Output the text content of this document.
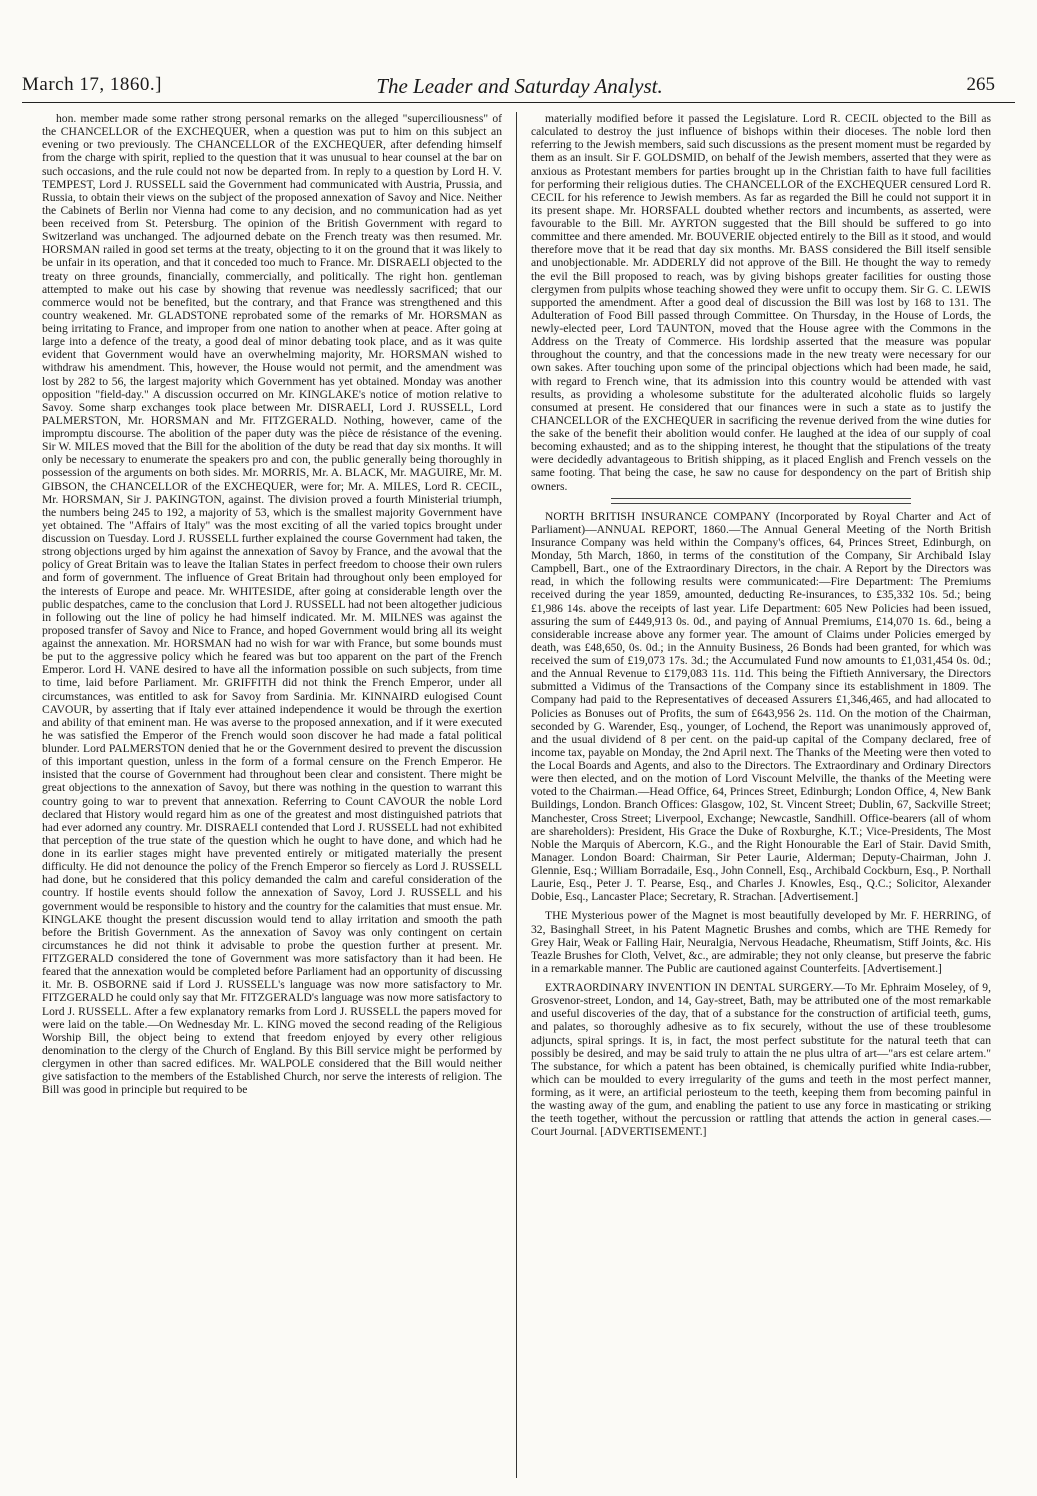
March 17, 1860.]	The Leader and Saturday Analyst.	265

hon. member made some rather strong personal remarks on the alleged "superciliousness" of the CHANCELLOR of the EXCHEQUER, when a question was put to him on this subject an evening or two previously. The CHANCELLOR of the EXCHEQUER, after defending himself from the charge with spirit, replied to the question that it was unusual to hear counsel at the bar on such occasions, and the rule could not now be departed from. In reply to a question by Lord H. V. TEMPEST, Lord J. RUSSELL said the Government had communicated with Austria, Prussia, and Russia, to obtain their views on the subject of the proposed annexation of Savoy and Nice. Neither the Cabinets of Berlin nor Vienna had come to any decision, and no communication had as yet been received from St. Petersburg. The opinion of the British Government with regard to Switzerland was unchanged. The adjourned debate on the French treaty was then resumed. Mr. HORSMAN railed in good set terms at the treaty, objecting to it on the ground that it was likely to be unfair in its operation, and that it conceded too much to France. Mr. DISRAELI objected to the treaty on three grounds, financially, commercially, and politically. The right hon. gentleman attempted to make out his case by showing that revenue was needlessly sacrificed; that our commerce would not be benefited, but the contrary, and that France was strengthened and this country weakened. Mr. GLADSTONE reprobated some of the remarks of Mr. HORSMAN as being irritating to France, and improper from one nation to another when at peace. After going at large into a defence of the treaty, a good deal of minor debating took place, and as it was quite evident that Government would have an overwhelming majority, Mr. HORSMAN wished to withdraw his amendment. This, however, the House would not permit, and the amendment was lost by 282 to 56, the largest majority which Government has yet obtained. Monday was another opposition "field-day." A discussion occurred on Mr. KINGLAKE's notice of motion relative to Savoy. Some sharp exchanges took place between Mr. DISRAELI, Lord J. RUSSELL, Lord PALMERSTON, Mr. HORSMAN and Mr. FITZGERALD. Nothing, however, came of the impromptu discourse. The abolition of the paper duty was the pièce de résistance of the evening. Sir W. MILES moved that the Bill for the abolition of the duty be read that day six months. It will only be necessary to enumerate the speakers pro and con, the public generally being thoroughly in possession of the arguments on both sides. Mr. MORRIS, Mr. A. BLACK, Mr. MAGUIRE, Mr. M. GIBSON, the CHANCELLOR of the EXCHEQUER, were for; Mr. A. MILES, Lord R. CECIL, Mr. HORSMAN, Sir J. PAKINGTON, against. The division proved a fourth Ministerial triumph, the numbers being 245 to 192, a majority of 53, which is the smallest majority Government have yet obtained. The "Affairs of Italy" was the most exciting of all the varied topics brought under discussion on Tuesday. Lord J. RUSSELL further explained the course Government had taken, the strong objections urged by him against the annexation of Savoy by France, and the avowal that the policy of Great Britain was to leave the Italian States in perfect freedom to choose their own rulers and form of government. The influence of Great Britain had throughout only been employed for the interests of Europe and peace. Mr. WHITESIDE, after going at considerable length over the public despatches, came to the conclusion that Lord J. RUSSELL had not been altogether judicious in following out the line of policy he had himself indicated. Mr. M. MILNES was against the proposed transfer of Savoy and Nice to France, and hoped Government would bring all its weight against the annexation. Mr. HORSMAN had no wish for war with France, but some bounds must be put to the aggressive policy which he feared was but too apparent on the part of the French Emperor. Lord H. VANE desired to have all the information possible on such subjects, from time to time, laid before Parliament. Mr. GRIFFITH did not think the French Emperor, under all circumstances, was entitled to ask for Savoy from Sardinia. Mr. KINNAIRD eulogised Count CAVOUR, by asserting that if Italy ever attained independence it would be through the exertion and ability of that eminent man. He was averse to the proposed annexation, and if it were executed he was satisfied the Emperor of the French would soon discover he had made a fatal political blunder. Lord PALMERSTON denied that he or the Government desired to prevent the discussion of this important question, unless in the form of a formal censure on the French Emperor. He insisted that the course of Government had throughout been clear and consistent. There might be great objections to the annexation of Savoy, but there was nothing in the question to warrant this country going to war to prevent that annexation. Referring to Count CAVOUR the noble Lord declared that History would regard him as one of the greatest and most distinguished patriots that had ever adorned any country. Mr. DISRAELI contended that Lord J. RUSSELL had not exhibited that perception of the true state of the question which he ought to have done, and which had he done in its earlier stages might have prevented entirely or mitigated materially the present difficulty. He did not denounce the policy of the French Emperor so fiercely as Lord J. RUSSELL had done, but he considered that this policy demanded the calm and careful consideration of the country. If hostile events should follow the annexation of Savoy, Lord J. RUSSELL and his government would be responsible to history and the country for the calamities that must ensue. Mr. KINGLAKE thought the present discussion would tend to allay irritation and smooth the path before the British Government. As the annexation of Savoy was only contingent on certain circumstances he did not think it advisable to probe the question further at present. Mr. FITZGERALD considered the tone of Government was more satisfactory than it had been. He feared that the annexation would be completed before Parliament had an opportunity of discussing it. Mr. B. OSBORNE said if Lord J. RUSSELL's language was now more satisfactory to Mr. FITZGERALD he could only say that Mr. FITZGERALD's language was now more satisfactory to Lord J. RUSSELL. After a few explanatory remarks from Lord J. RUSSELL the papers moved for were laid on the table.—On Wednesday Mr. L. KING moved the second reading of the Religious Worship Bill, the object being to extend that freedom enjoyed by every other religious denomination to the clergy of the Church of England. By this Bill service might be performed by clergymen in other than sacred edifices. Mr. WALPOLE considered that the Bill would neither give satisfaction to the members of the Established Church, nor serve the interests of religion. The Bill was good in principle but required to be

materially modified before it passed the Legislature. Lord R. CECIL objected to the Bill as calculated to destroy the just influence of bishops within their dioceses. The noble lord then referring to the Jewish members, said such discussions as the present moment must be regarded by them as an insult. Sir F. GOLDSMID, on behalf of the Jewish members, asserted that they were as anxious as Protestant members for parties brought up in the Christian faith to have full facilities for performing their religious duties. The CHANCELLOR of the EXCHEQUER censured Lord R. CECIL for his reference to Jewish members. As far as regarded the Bill he could not support it in its present shape. Mr. HORSFALL doubted whether rectors and incumbents, as asserted, were favourable to the Bill. Mr. AYRTON suggested that the Bill should be suffered to go into committee and there amended. Mr. BOUVERIE objected entirely to the Bill as it stood, and would therefore move that it be read that day six months. Mr. BASS considered the Bill itself sensible and unobjectionable. Mr. ADDERLY did not approve of the Bill. He thought the way to remedy the evil the Bill proposed to reach, was by giving bishops greater facilities for ousting those clergymen from pulpits whose teaching showed they were unfit to occupy them. Sir G. C. LEWIS supported the amendment. After a good deal of discussion the Bill was lost by 168 to 131. The Adulteration of Food Bill passed through Committee. On Thursday, in the House of Lords, the newly-elected peer, Lord TAUNTON, moved that the House agree with the Commons in the Address on the Treaty of Commerce. His lordship asserted that the measure was popular throughout the country, and that the concessions made in the new treaty were necessary for our own sakes. After touching upon some of the principal objections which had been made, he said, with regard to French wine, that its admission into this country would be attended with vast results, as providing a wholesome substitute for the adulterated alcoholic fluids so largely consumed at present. He considered that our finances were in such a state as to justify the CHANCELLOR of the EXCHEQUER in sacrificing the revenue derived from the wine duties for the sake of the benefit their abolition would confer. He laughed at the idea of our supply of coal becoming exhausted; and as to the shipping interest, he thought that the stipulations of the treaty were decidedly advantageous to British shipping, as it placed English and French vessels on the same footing. That being the case, he saw no cause for despondency on the part of British ship owners.

NORTH BRITISH INSURANCE COMPANY (Incorporated by Royal Charter and Act of Parliament)—ANNUAL REPORT, 1860.—The Annual General Meeting of the North British Insurance Company was held within the Company's offices, 64, Princes Street, Edinburgh, on Monday, 5th March, 1860, in terms of the constitution of the Company, Sir Archibald Islay Campbell, Bart., one of the Extraordinary Directors, in the chair. A Report by the Directors was read, in which the following results were communicated:—Fire Department: The Premiums received during the year 1859, amounted, deducting Re-insurances, to £35,332 10s. 5d.; being £1,986 14s. above the receipts of last year. Life Department: 605 New Policies had been issued, assuring the sum of £449,913 0s. 0d., and paying of Annual Premiums, £14,070 1s. 6d., being a considerable increase above any former year. The amount of Claims under Policies emerged by death, was £48,650, 0s. 0d.; in the Annuity Business, 26 Bonds had been granted, for which was received the sum of £19,073 17s. 3d.; the Accumulated Fund now amounts to £1,031,454 0s. 0d.; and the Annual Revenue to £179,083 11s. 11d. This being the Fiftieth Anniversary, the Directors submitted a Vidimus of the Transactions of the Company since its establishment in 1809. The Company had paid to the Representatives of deceased Assurers £1,346,465, and had allocated to Policies as Bonuses out of Profits, the sum of £643,956 2s. 11d. On the motion of the Chairman, seconded by G. Warender, Esq., younger, of Lochend, the Report was unanimously approved of, and the usual dividend of 8 per cent. on the paid-up capital of the Company declared, free of income tax, payable on Monday, the 2nd April next. The Thanks of the Meeting were then voted to the Local Boards and Agents, and also to the Directors. The Extraordinary and Ordinary Directors were then elected, and on the motion of Lord Viscount Melville, the thanks of the Meeting were voted to the Chairman.—Head Office, 64, Princes Street, Edinburgh; London Office, 4, New Bank Buildings, London. Branch Offices: Glasgow, 102, St. Vincent Street; Dublin, 67, Sackville Street; Manchester, Cross Street; Liverpool, Exchange; Newcastle, Sandhill. Office-bearers (all of whom are shareholders): President, His Grace the Duke of Roxburghe, K.T.; Vice-Presidents, The Most Noble the Marquis of Abercorn, K.G., and the Right Honourable the Earl of Stair. David Smith, Manager. London Board: Chairman, Sir Peter Laurie, Alderman; Deputy-Chairman, John J. Glennie, Esq.; William Borradaile, Esq., John Connell, Esq., Archibald Cockburn, Esq., P. Northall Laurie, Esq., Peter J. T. Pearse, Esq., and Charles J. Knowles, Esq., Q.C.; Solicitor, Alexander Dobie, Esq., Lancaster Place; Secretary, R. Strachan. [Advertisement.]

THE Mysterious power of the Magnet is most beautifully developed by Mr. F. HERRING, of 32, Basinghall Street, in his Patent Magnetic Brushes and combs, which are THE Remedy for Grey Hair, Weak or Falling Hair, Neuralgia, Nervous Headache, Rheumatism, Stiff Joints, &c. His Teazle Brushes for Cloth, Velvet, &c., are admirable; they not only cleanse, but preserve the fabric in a remarkable manner. The Public are cautioned against Counterfeits. [Advertisement.]

EXTRAORDINARY INVENTION IN DENTAL SURGERY.—To Mr. Ephraim Moseley, of 9, Grosvenor-street, London, and 14, Gay-street, Bath, may be attributed one of the most remarkable and useful discoveries of the day, that of a substance for the construction of artificial teeth, gums, and palates, so thoroughly adhesive as to fix securely, without the use of these troublesome adjuncts, spiral springs. It is, in fact, the most perfect substitute for the natural teeth that can possibly be desired, and may be said truly to attain the ne plus ultra of art—"ars est celare artem." The substance, for which a patent has been obtained, is chemically purified white India-rubber, which can be moulded to every irregularity of the gums and teeth in the most perfect manner, forming, as it were, an artificial periosteum to the teeth, keeping them from becoming painful in the wasting away of the gum, and enabling the patient to use any force in masticating or striking the teeth together, without the percussion or rattling that attends the action in general cases.—Court Journal. [ADVERTISEMENT.]
